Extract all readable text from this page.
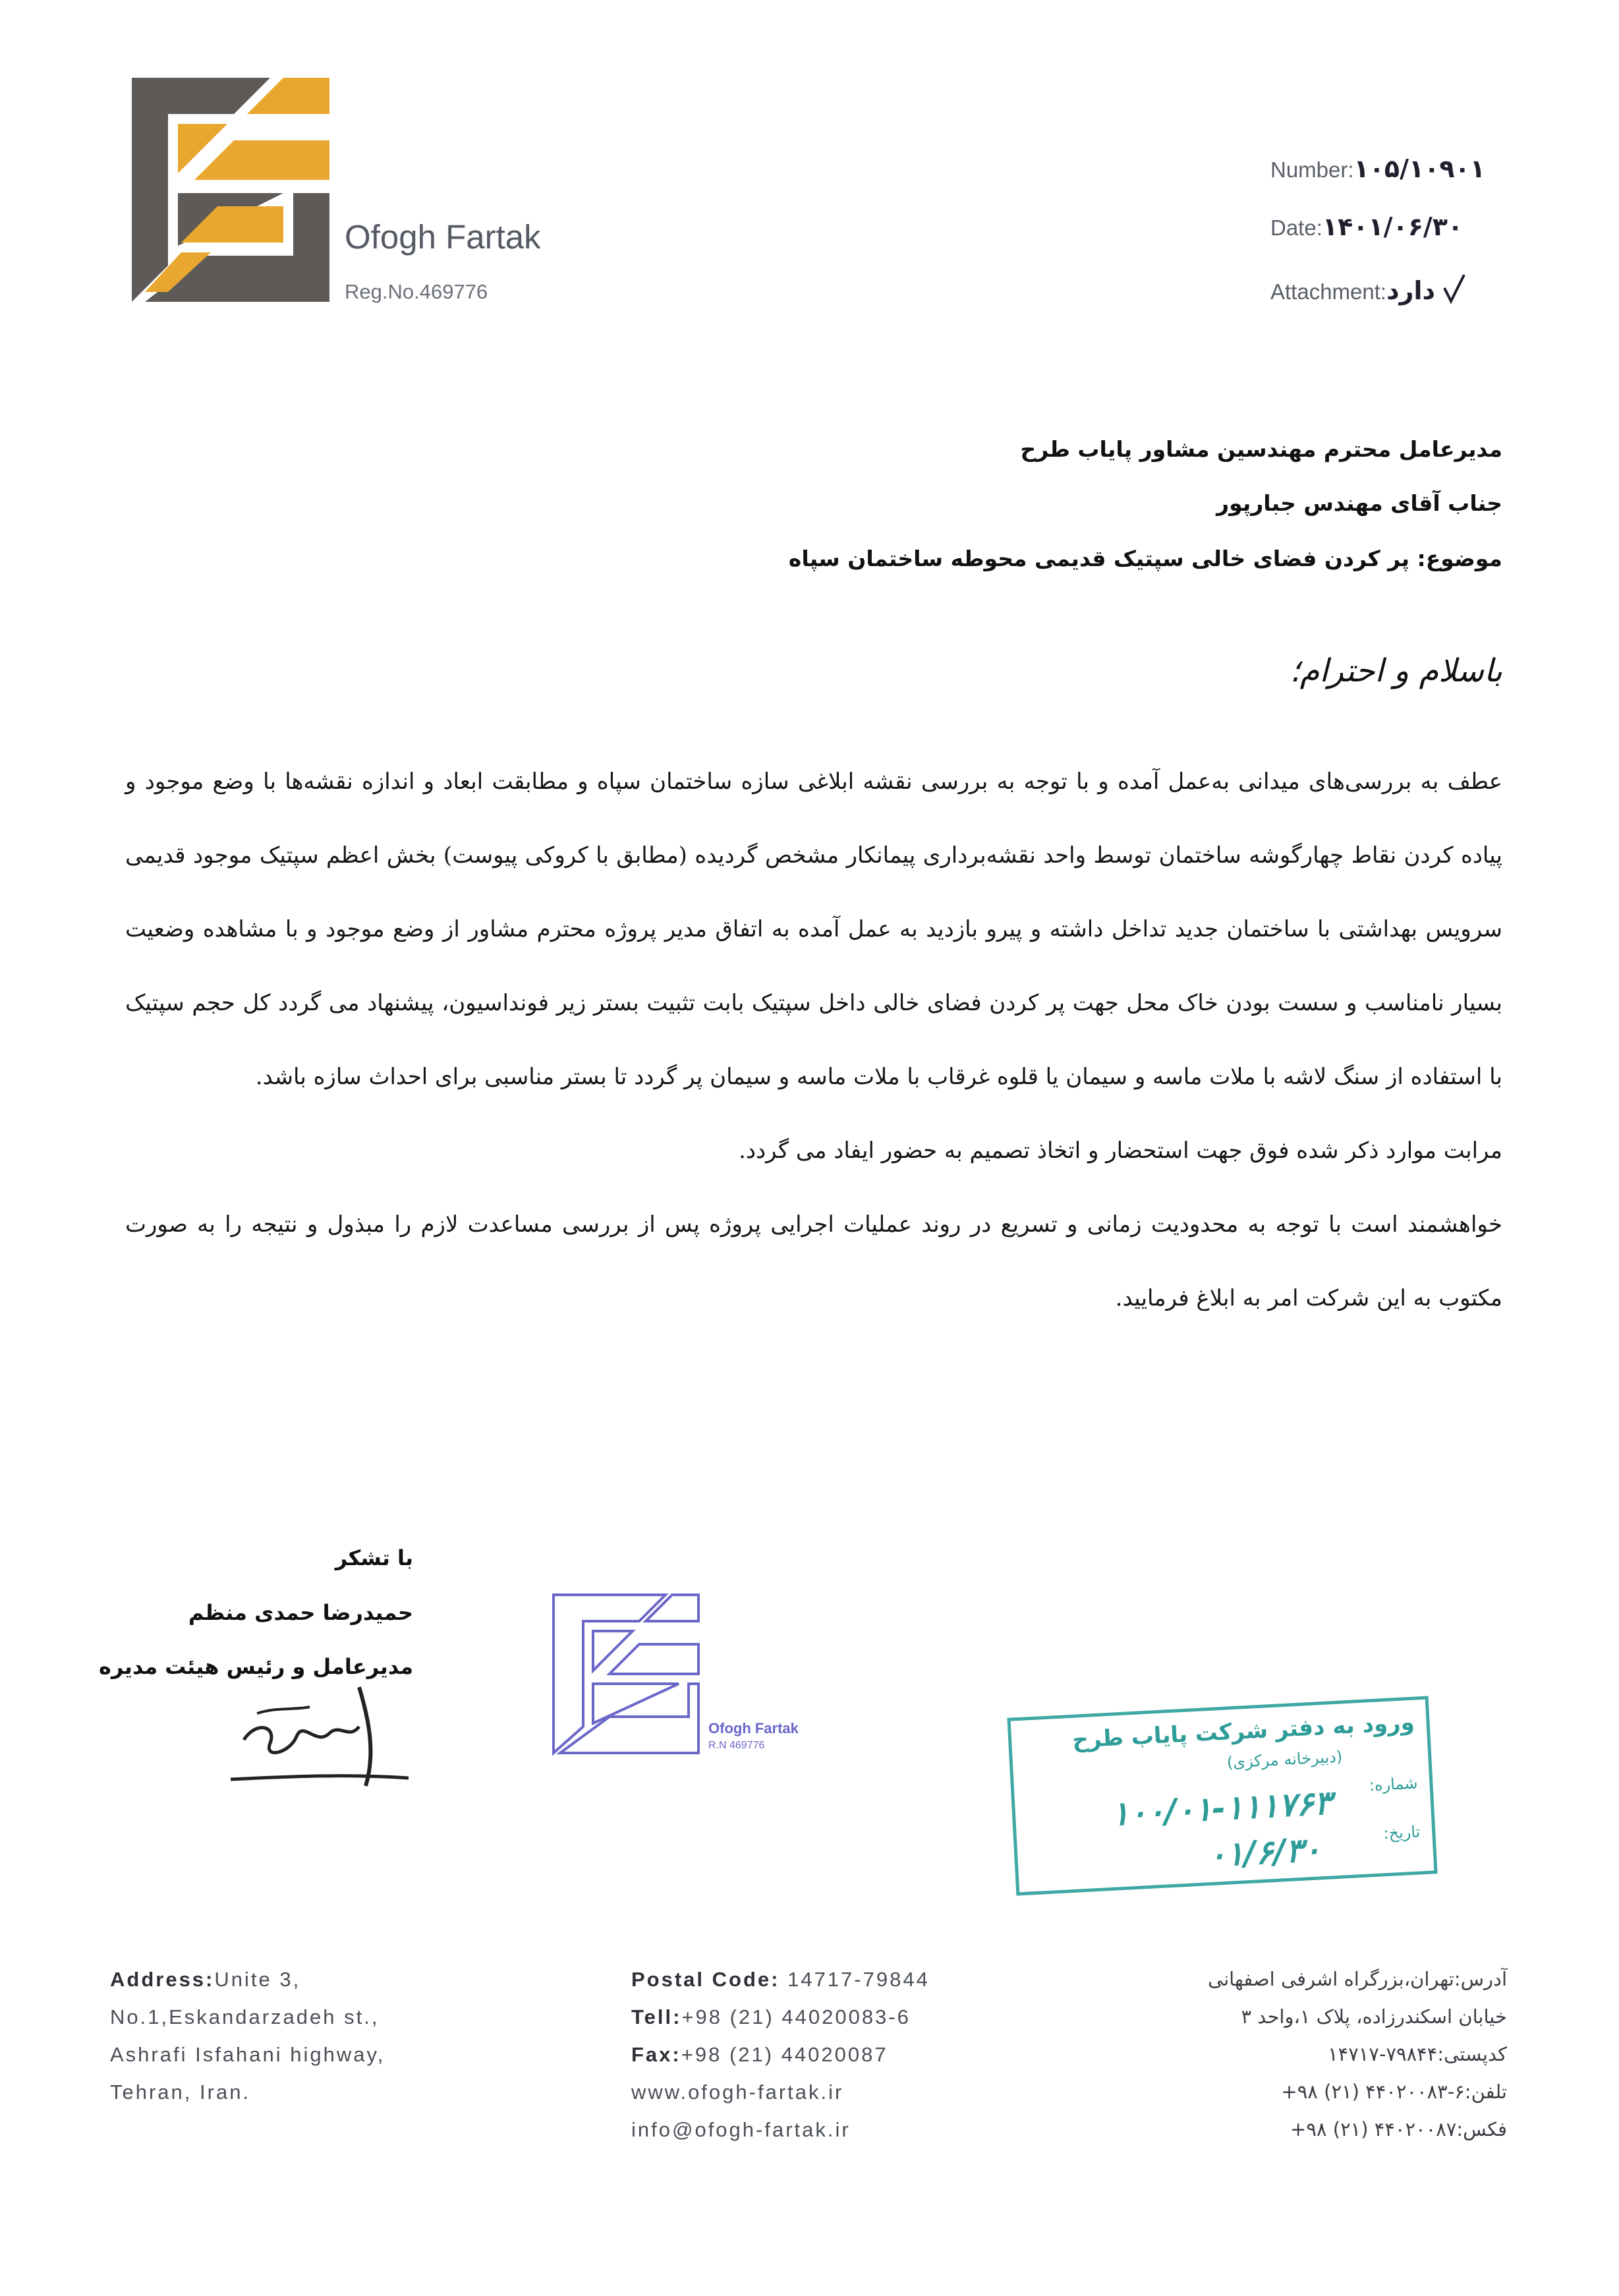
Ofogh Fartak
Reg.No.469776
Number:۱۰۵/۱۰۹۰۱
Date:۱۴۰۱/۰۶/۳۰
Attachment:دارد
مدیرعامل محترم مهندسین مشاور پایاب طرح
جناب آقای مهندس جبارپور
موضوع: پر کردن فضای خالی سپتیک قدیمی محوطه ساختمان سپاه
باسلام و احترام؛

عطف به بررسی‌های میدانی به‌عمل آمده و با توجه به بررسی نقشه ابلاغی سازه ساختمان سپاه و مطابقت ابعاد و اندازه نقشه‌ها با وضع موجود و پیاده کردن نقاط چهارگوشه ساختمان توسط واحد نقشه‌برداری پیمانکار مشخص گردیده (مطابق با کروکی پیوست) بخش اعظم سپتیک موجود قدیمی سرویس بهداشتی با ساختمان جدید تداخل داشته و پیرو بازدید به عمل آمده به اتفاق مدیر پروژه محترم مشاور از وضع موجود و با مشاهده وضعیت بسیار نامناسب و سست بودن خاک محل جهت پر کردن فضای خالی داخل سپتیک بابت تثبیت بستر زیر فونداسیون، پیشنهاد می گردد کل حجم سپتیک با استفاده از سنگ لاشه با ملات ماسه و سیمان یا قلوه غرقاب با ملات ماسه و سیمان پر گردد تا بستر مناسبی برای احداث سازه باشد.

مرابت موارد ذکر شده فوق جهت استحضار و اتخاذ تصمیم به حضور ایفاد می گردد.

خواهشمند است با توجه به محدودیت زمانی و تسریع در روند عملیات اجرایی پروژه پس از بررسی مساعدت لازم را مبذول و نتیجه را به صورت مکتوب به این شرکت امر به ابلاغ فرمایید.

با تشکر
حمیدرضا حمدی منظم
مدیرعامل و رئیس هیئت مدیره
Ofogh Fartak
R.N 469776	ورود به دفتر شرکت پایاب طرح
(دبیرخانه مرکزی)
شماره:
۱۰۰/۰۱-۱۱۱۷۶۳	تاریخ:
۰۱/۶/۳۰
Address:Unite 3,
No.1,Eskandarzadeh st.,
Ashrafi Isfahani highway,
Tehran, Iran.
Postal Code: 14717-79844
Tell:+98 (21) 44020083-6
Fax:+98 (21) 44020087
www.ofogh-fartak.ir
info@ofogh-fartak.ir
آدرس:تهران،بزرگراه اشرفی اصفهانی
خیابان اسکندرزاده، پلاک ۱،واحد ۳
کدپستی:۷۹۸۴۴-۱۴۷۱۷
تلفن:۶-۴۴۰۲۰۰۸۳ (۲۱) ۹۸+
فکس:۴۴۰۲۰۰۸۷ (۲۱) ۹۸+
